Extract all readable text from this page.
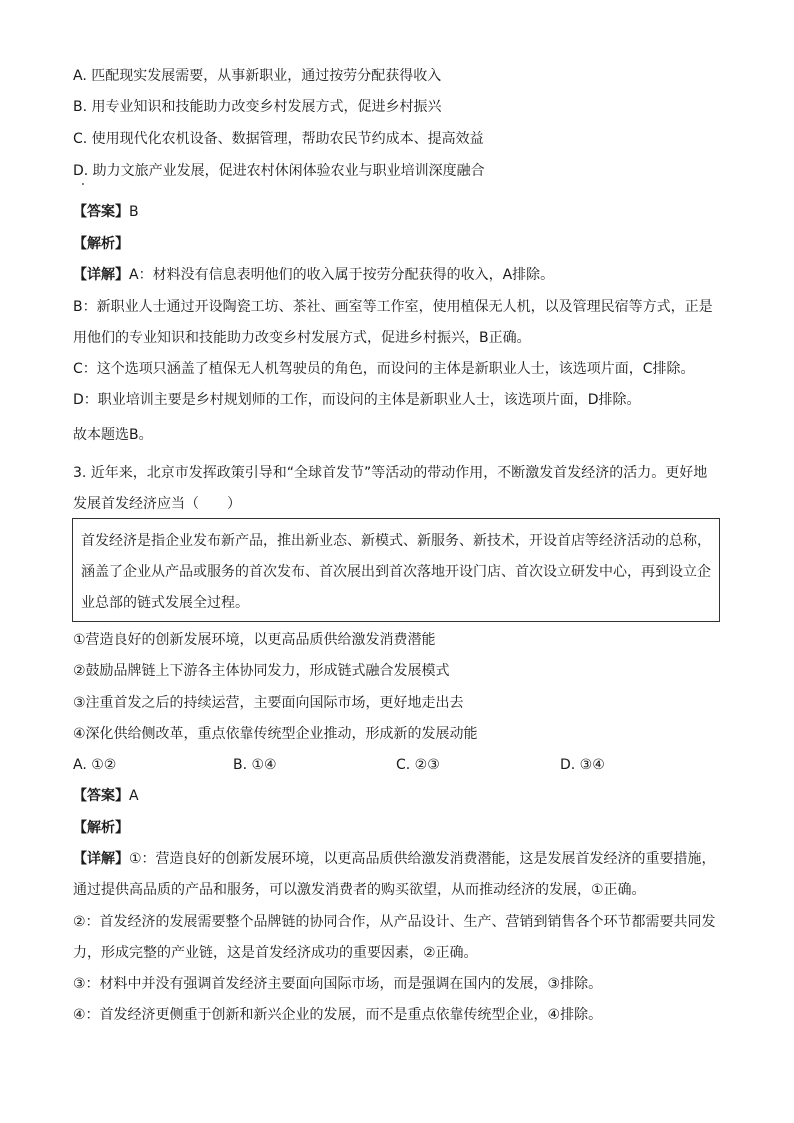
A. 匹配现实发展需要，从事新职业，通过按劳分配获得收入
B. 用专业知识和技能助力改变乡村发展方式，促进乡村振兴
C. 使用现代化农机设备、数据管理，帮助农民节约成本、提高效益
D. 助力文旅产业发展，促进农村休闲体验农业与职业培训深度融合
【答案】B
【解析】
【详解】A：材料没有信息表明他们的收入属于按劳分配获得的收入，A排除。
B：新职业人士通过开设陶瓷工坊、茶社、画室等工作室，使用植保无人机，以及管理民宿等方式，正是
用他们的专业知识和技能助力改变乡村发展方式，促进乡村振兴，B正确。
C：这个选项只涵盖了植保无人机驾驶员的角色，而设问的主体是新职业人士，该选项片面，C排除。
D：职业培训主要是乡村规划师的工作，而设问的主体是新职业人士，该选项片面，D排除。
故本题选B。
3. 近年来，北京市发挥政策引导和“全球首发节”等活动的带动作用，不断激发首发经济的活力。更好地
发展首发经济应当（　　）
首发经济是指企业发布新产品，推出新业态、新模式、新服务、新技术，开设首店等经济活动的总称，
涵盖了企业从产品或服务的首次发布、首次展出到首次落地开设门店、首次设立研发中心，再到设立企
业总部的链式发展全过程。
①营造良好的创新发展环境，以更高品质供给激发消费潜能
②鼓励品牌链上下游各主体协同发力，形成链式融合发展模式
③注重首发之后的持续运营，主要面向国际市场，更好地走出去
④深化供给侧改革，重点依靠传统型企业推动，形成新的发展动能
A. ①②	B. ①④	C. ②③	D. ③④
【答案】A
【解析】
【详解】①：营造良好的创新发展环境，以更高品质供给激发消费潜能，这是发展首发经济的重要措施，
通过提供高品质的产品和服务，可以激发消费者的购买欲望，从而推动经济的发展，①正确。
②：首发经济的发展需要整个品牌链的协同合作，从产品设计、生产、营销到销售各个环节都需要共同发
力，形成完整的产业链，这是首发经济成功的重要因素，②正确。
③：材料中并没有强调首发经济主要面向国际市场，而是强调在国内的发展，③排除。
④：首发经济更侧重于创新和新兴企业的发展，而不是重点依靠传统型企业，④排除。
